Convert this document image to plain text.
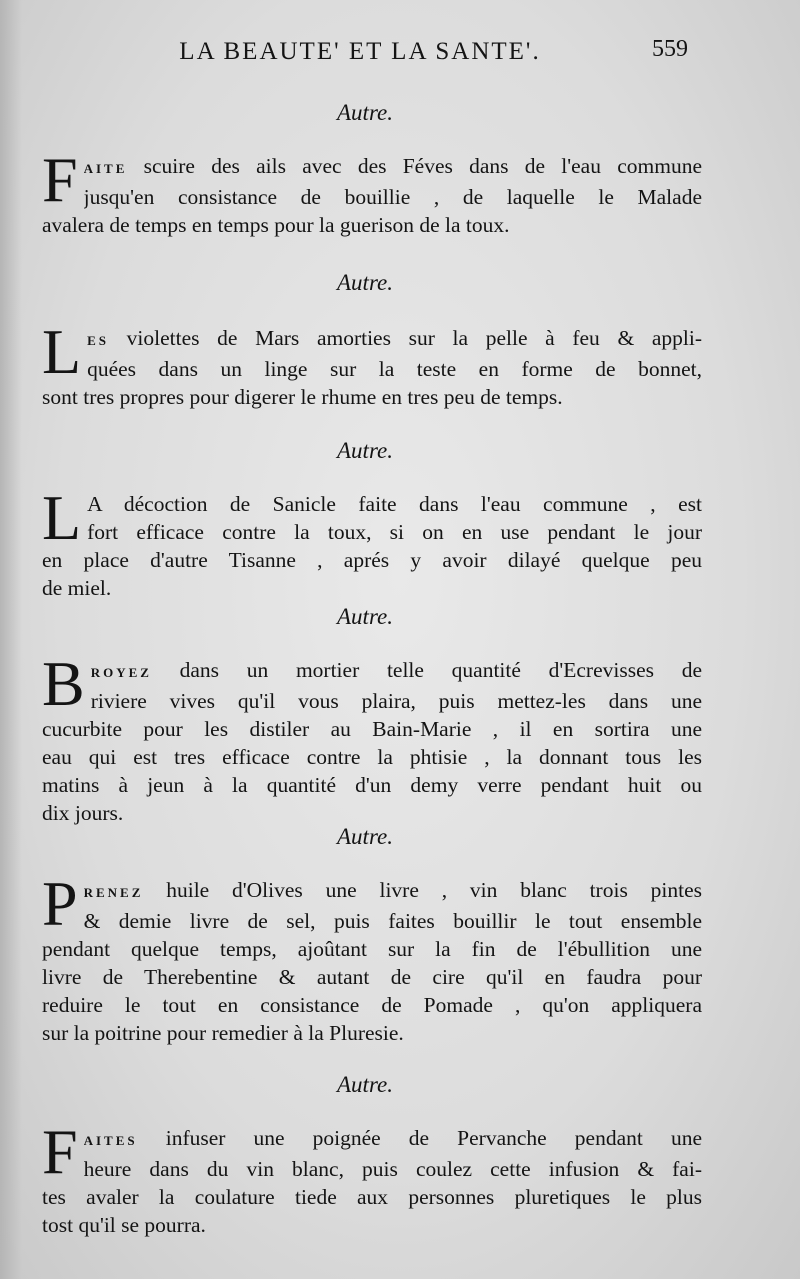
LA BEAUTE' ET LA SANTE'.	559
Autre.
F AITE scuire des ails avec des Féves dans de l'eau commune
jusqu'en consistance de bouillie , de laquelle le Malade
avalera de temps en temps pour la guerison de la toux.
Autre.
L ES violettes de Mars amorties sur la pelle à feu & appli-
quées dans un linge sur la teste en forme de bonnet,
sont tres propres pour digerer le rhume en tres peu de temps.
Autre.
L A décoction de Sanicle faite dans l'eau commune , est
fort efficace contre la toux, si on en use pendant le jour
en place d'autre Tisanne , aprés y avoir dilayé quelque peu
de miel.
Autre.
B ROYEZ dans un mortier telle quantité d'Ecrevisses de
riviere vives qu'il vous plaira, puis mettez-les dans une
cucurbite pour les distiler au Bain-Marie , il en sortira une
eau qui est tres efficace contre la phtisie , la donnant tous les
matins à jeun à la quantité d'un demy verre pendant huit ou
dix jours.
Autre.
P RENEZ huile d'Olives une livre , vin blanc trois pintes
& demie livre de sel, puis faites bouillir le tout ensemble
pendant quelque temps, ajoûtant sur la fin de l'ébullition une
livre de Therebentine & autant de cire qu'il en faudra pour
reduire le tout en consistance de Pomade , qu'on appliquera
sur la poitrine pour remedier à la Pluresie.
Autre.
F AITES infuser une poignée de Pervanche pendant une
heure dans du vin blanc, puis coulez cette infusion & fai-
tes avaler la coulature tiede aux personnes pluretiques le plus
tost qu'il se pourra.
